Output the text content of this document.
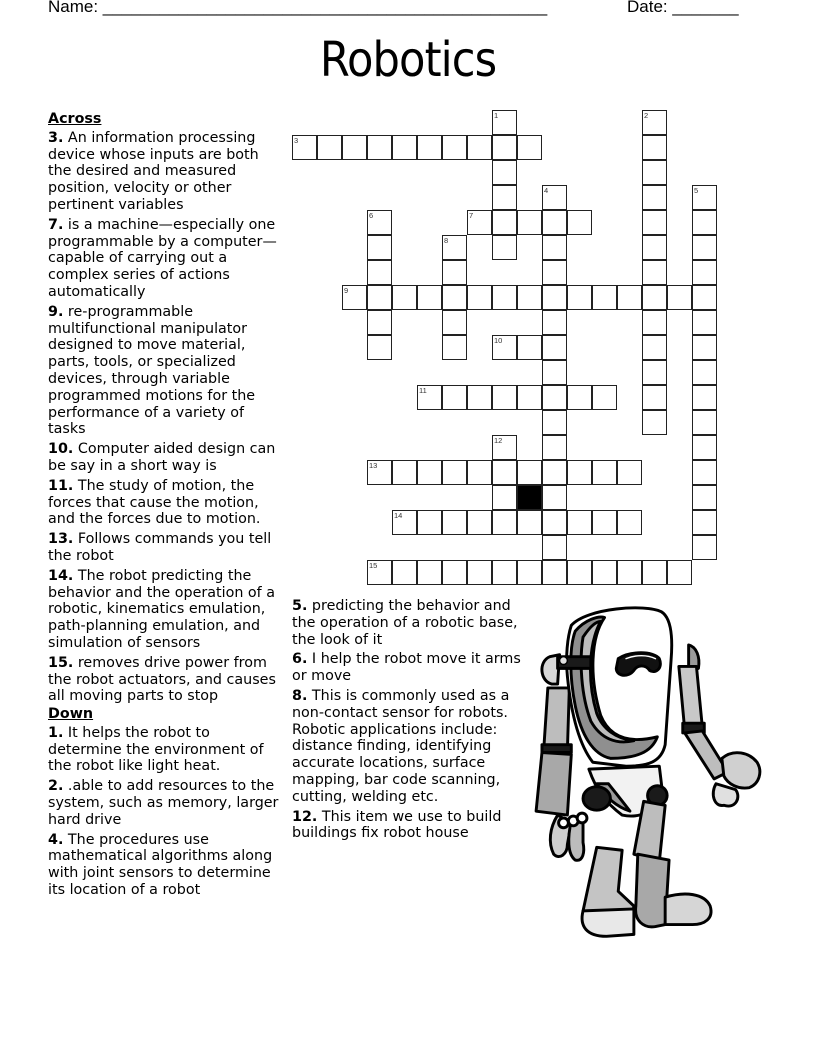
Name: _______________________________________________	Date: _______
Robotics
Across
3. An information processing device whose inputs are both the desired and measured position, velocity or other pertinent variables
7. is a machine—especially one programmable by a computer— capable of carrying out a complex series of actions automatically
9. re-programmable multifunctional manipulator designed to move material, parts, tools, or specialized devices, through variable programmed motions for the performance of a variety of tasks
10. Computer aided design can be say in a short way is
11. The study of motion, the forces that cause the motion, and the forces due to motion.
13. Follows commands you tell the robot
14. The robot predicting the behavior and the operation of a robotic, kinematics emulation, path-planning emulation, and simulation of sensors
15. removes drive power from the robot actuators, and causes all moving parts to stop
Down
1. It helps the robot to determine the environment of the robot like light heat.
2. .able to add resources to the system, such as memory, larger hard drive
4. The procedures use mathematical algorithms along with joint sensors to determine its location of a robot
5. predicting the behavior and the operation of a robotic base, the look of it
6. I help the robot move it arms or move
8. This is commonly used as a non-contact sensor for robots. Robotic applications include: distance finding, identifying accurate locations, surface mapping, bar code scanning, cutting, welding etc.
12. This item we use to build buildings fix robot house
3
7
9
10
11
13
14
15
1	2
4	5
6
8
12
